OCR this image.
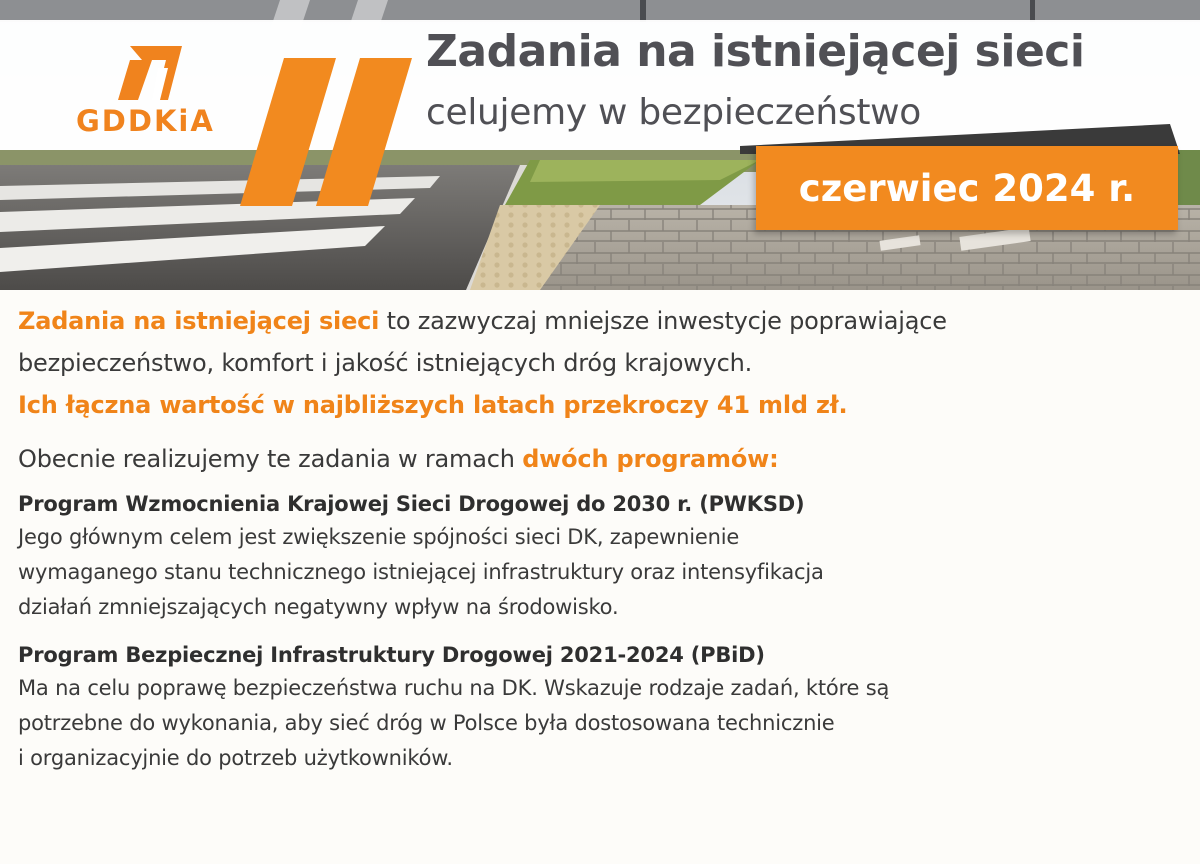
GDDKiA
Zadania na istniejącej sieci
celujemy w bezpieczeństwo
czerwiec 2024 r.

Zadania na istniejącej sieci to zazwyczaj mniejsze inwestycje poprawiające

bezpieczeństwo, komfort i jakość istniejących dróg krajowych.

Ich łączna wartość w najbliższych latach przekroczy 41 mld zł.

Obecnie realizujemy te zadania w ramach dwóch programów:

Program Wzmocnienia Krajowej Sieci Drogowej do 2030 r. (PWKSD)

Jego głównym celem jest zwiększenie spójności sieci DK, zapewnienie

wymaganego stanu technicznego istniejącej infrastruktury oraz intensyfikacja

działań zmniejszających negatywny wpływ na środowisko.

Program Bezpiecznej Infrastruktury Drogowej 2021-2024 (PBiD)

Ma na celu poprawę bezpieczeństwa ruchu na DK. Wskazuje rodzaje zadań, które są

potrzebne do wykonania, aby sieć dróg w Polsce była dostosowana technicznie

i organizacyjnie do potrzeb użytkowników.
